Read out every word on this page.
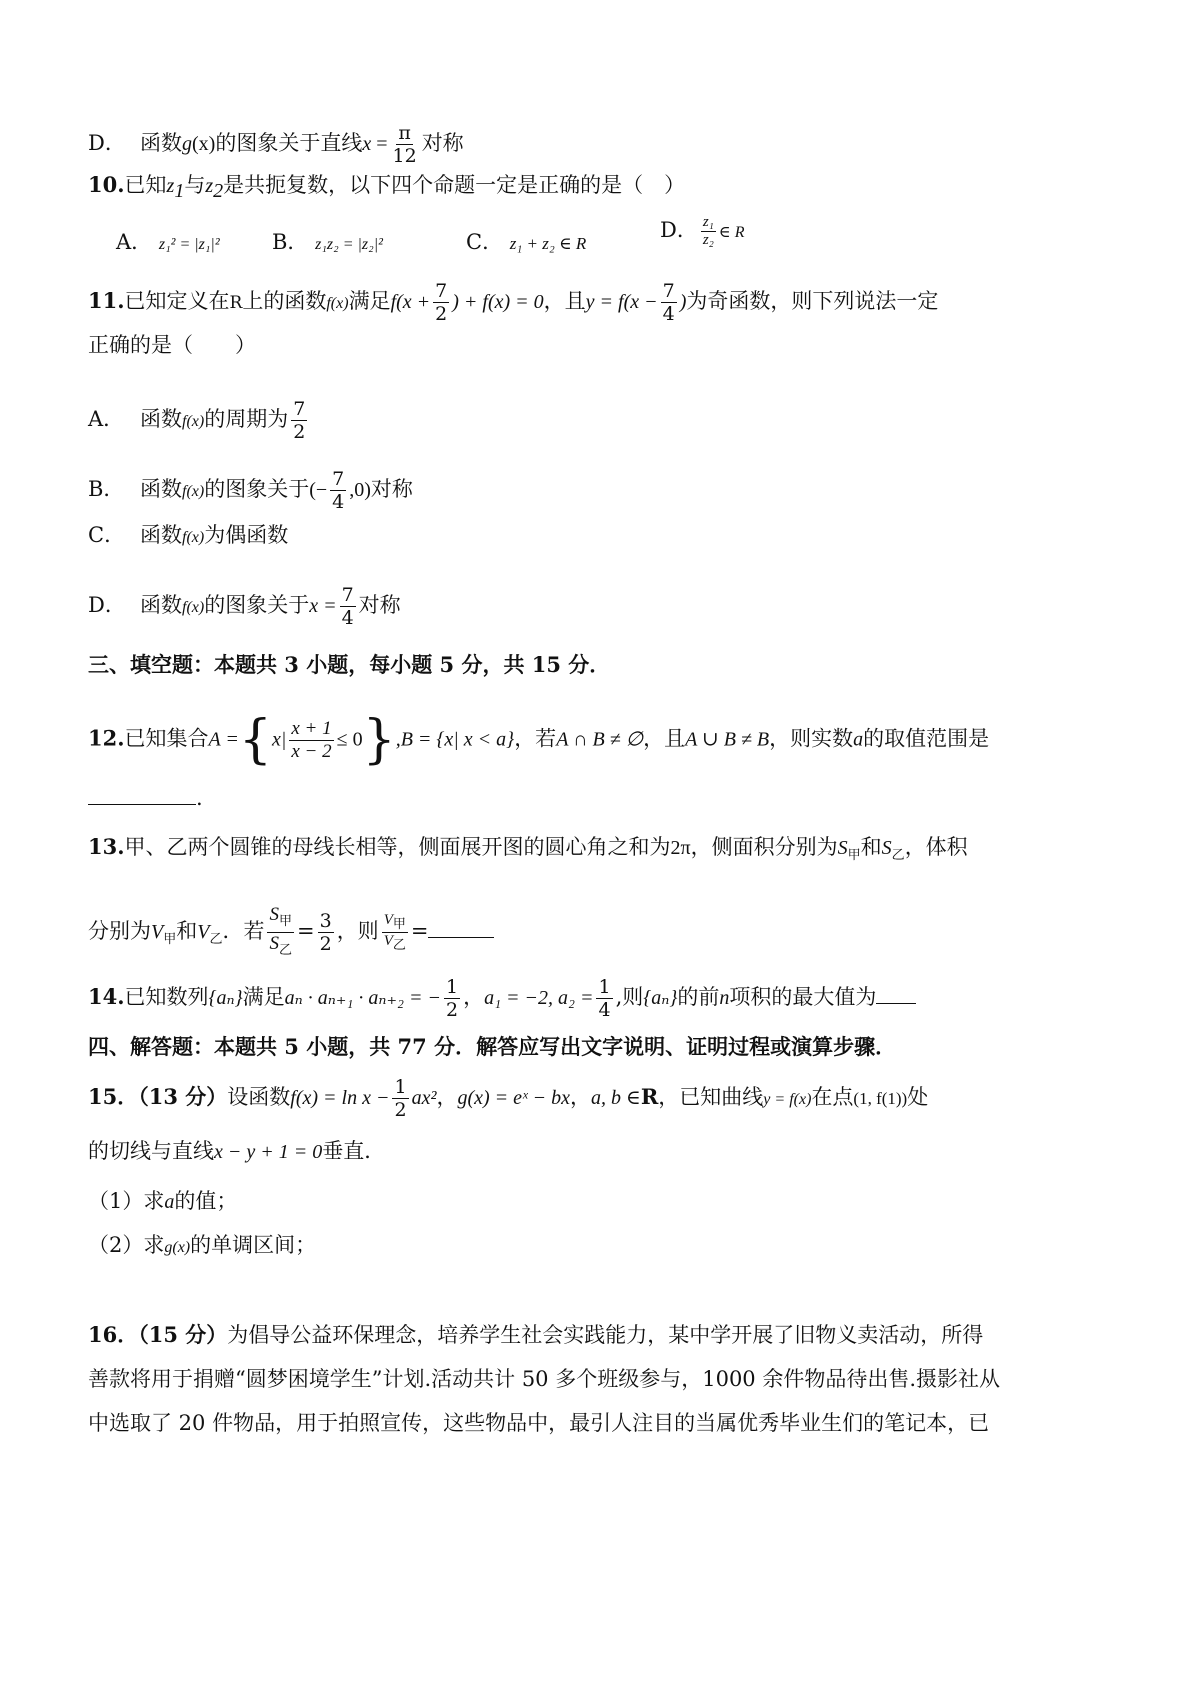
D． 函数g(x)的图象关于直线$x = \frac{\pi}{12}$ 对称
10.已知$z_1$与$z_2$是共扼复数，以下四个命题一定是正确的是（　）
A． z₁² = |z₁|² B． z₁z₂ = |z₂|²	C． z₁ + z₂ ∈ R
D． $\frac{\text{z₁}}{\text{z₂}}$ ∈ R
11.已知定义在R上的函数f(x)满足$f(x + \frac{7}{2}$ ) + f(x) = 0，且$y = f(x - \frac{7}{4}$ )为奇函数，则下列说法一定
正确的是（　　）
A． 函数f(x)的周期为 $\frac{7}{2}$
B． 函数f(x)的图象关于(− $\frac{7}{4} ,0$)对称
C． 函数f(x)为偶函数
D． 函数f(x)的图象关于$x = \frac{7}{4}$ 对称
三、填空题：本题共 3 小题，每小题 5 分，共 15 分．
12.已知集合$A =\{x| \frac{x + 1}{x - 2} \le 0\},B = \{x|$ x < a}，若A ∩ B ≠ ∅，且A ∪ B ≠ B，则实数a的取值范围是
.
13.甲、乙两个圆锥的母线长相等，侧面展开图的圆心角之和为2π，侧面积分别为$S_甲$和$S_乙$，体积
分别为$V_甲$和$V_乙$．若 $\frac{S_甲}{S_乙} = \frac{3}{2}$ ，则 $\frac{V_甲}{V_乙}$ =
14.已知数列{aₙ}满足aₙ · aₙ₊₁ · aₙ₊₂ = − $\frac{1}{2}$ ，a₁ = −2, $a_2 = \frac{1}{4}$ ,则{aₙ}的前n项积的最大值为
四、解答题：本题共 5 小题，共 77 分．解答应写出文字说明、证明过程或演算步骤．
15．（13 分）设函数$f(x) = \ln x - \frac{1}{2} ax^2$，g(x) = eˣ − bx，a, b ∈R，已知曲线y = f(x)在点(1, f(1))处
的切线与直线x − y + 1 = 0垂直．
（1）求a的值；
（2）求g(x)的单调区间；
16．（15 分）为倡导公益环保理念，培养学生社会实践能力，某中学开展了旧物义卖活动，所得
善款将用于捐赠“圆梦困境学生”计划.活动共计 50 多个班级参与，1000 余件物品待出售.摄影社从
中选取了 20 件物品，用于拍照宣传，这些物品中，最引人注目的当属优秀毕业生们的笔记本，已
